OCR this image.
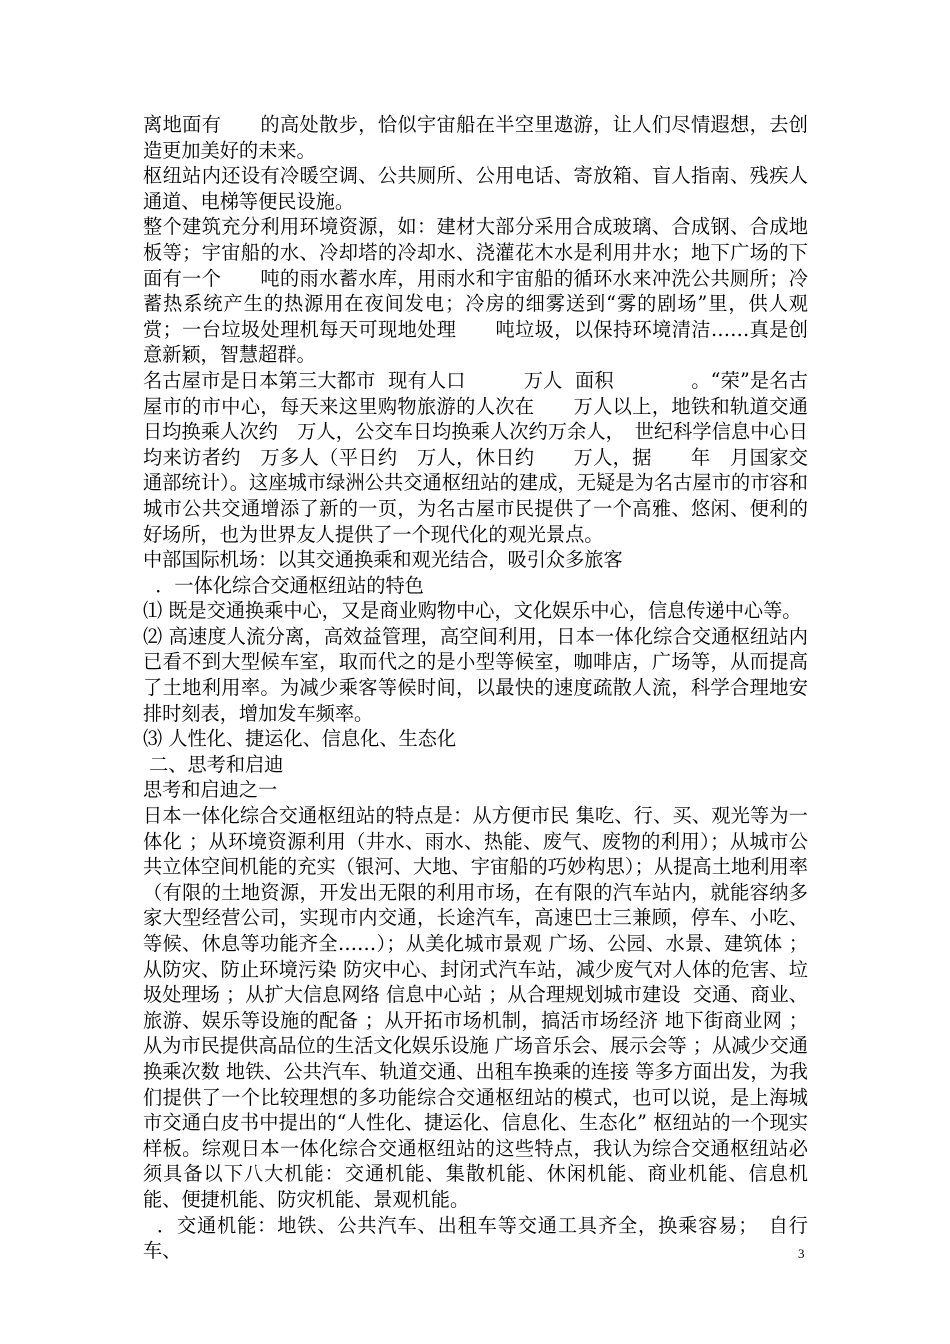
离地面有　　的高处散步，恰似宇宙船在半空里遨游，让人们尽情遐想，去创造更加美好的未来。

枢纽站内还设有冷暖空调、公共厕所、公用电话、寄放箱、盲人指南、残疾人通道、电梯等便民设施。

整个建筑充分利用环境资源，如：建材大部分采用合成玻璃、合成钢、合成地板等；宇宙船的水、冷却塔的冷却水、浇灌花木水是利用井水；地下广场的下面有一个　　吨的雨水蓄水库，用雨水和宇宙船的循环水来冲洗公共厕所；冷蓄热系统产生的热源用在夜间发电；冷房的细雾送到“雾的剧场”里，供人观赏；一台垃圾处理机每天可现地处理　　吨垃圾，以保持环境清洁……真是创意新颖，智慧超群。

名古屋市是日本第三大都市  现有人口　　　万人  面积　　　　。“荣”是名古屋市的市中心，每天来这里购物旅游的人次在　　万人以上，地铁和轨道交通日均换乘人次约　万人，公交车日均换乘人次约万余人，　世纪科学信息中心日均来访者约　万多人（平日约　万人，休日约　　万人，据　　年　月国家交通部统计）。这座城市绿洲公共交通枢纽站的建成，无疑是为名古屋市的市容和城市公共交通增添了新的一页，为名古屋市民提供了一个高雅、悠闲、便利的好场所，也为世界友人提供了一个现代化的观光景点。

中部国际机场：以其交通换乘和观光结合，吸引众多旅客

．一体化综合交通枢纽站的特色

⑴ 既是交通换乘中心，又是商业购物中心，文化娱乐中心，信息传递中心等。

⑵ 高速度人流分离，高效益管理，高空间利用，日本一体化综合交通枢纽站内已看不到大型候车室，取而代之的是小型等候室，咖啡店，广场等，从而提高了土地利用率。为减少乘客等候时间，以最快的速度疏散人流，科学合理地安排时刻表，增加发车频率。

⑶ 人性化、捷运化、信息化、生态化

二、思考和启迪

思考和启迪之一

日本一体化综合交通枢纽站的特点是：从方便市民 集吃、行、买、观光等为一体化 ；从环境资源利用（井水、雨水、热能、废气、废物的利用）；从城市公共立体空间机能的充实（银河、大地、宇宙船的巧妙构思）；从提高土地利用率（有限的土地资源，开发出无限的利用市场，在有限的汽车站内，就能容纳多家大型经营公司，实现市内交通，长途汽车，高速巴士三兼顾，停车、小吃、等候、休息等功能齐全……）；从美化城市景观 广场、公园、水景、建筑体 ； 从防灾、防止环境污染 防灾中心、封闭式汽车站，减少废气对人体的危害、垃圾处理场 ；从扩大信息网络 信息中心站 ；从合理规划城市建设  交通、商业、旅游、娱乐等设施的配备 ；从开拓市场机制，搞活市场经济 地下街商业网 ；从为市民提供高品位的生活文化娱乐设施 广场音乐会、展示会等 ；从减少交通换乘次数 地铁、公共汽车、轨道交通、出租车换乘的连接 等多方面出发，为我们提供了一个比较理想的多功能综合交通枢纽站的模式，也可以说，是上海城市交通白皮书中提出的“人性化、捷运化、信息化、生态化” 枢纽站的一个现实样板。综观日本一体化综合交通枢纽站的这些特点，我认为综合交通枢纽站必须具备以下八大机能：交通机能、集散机能、休闲机能、商业机能、信息机能、便捷机能、防灾机能、景观机能。

．交通机能：地铁、公共汽车、出租车等交通工具齐全，换乘容易；　自行车、	3
